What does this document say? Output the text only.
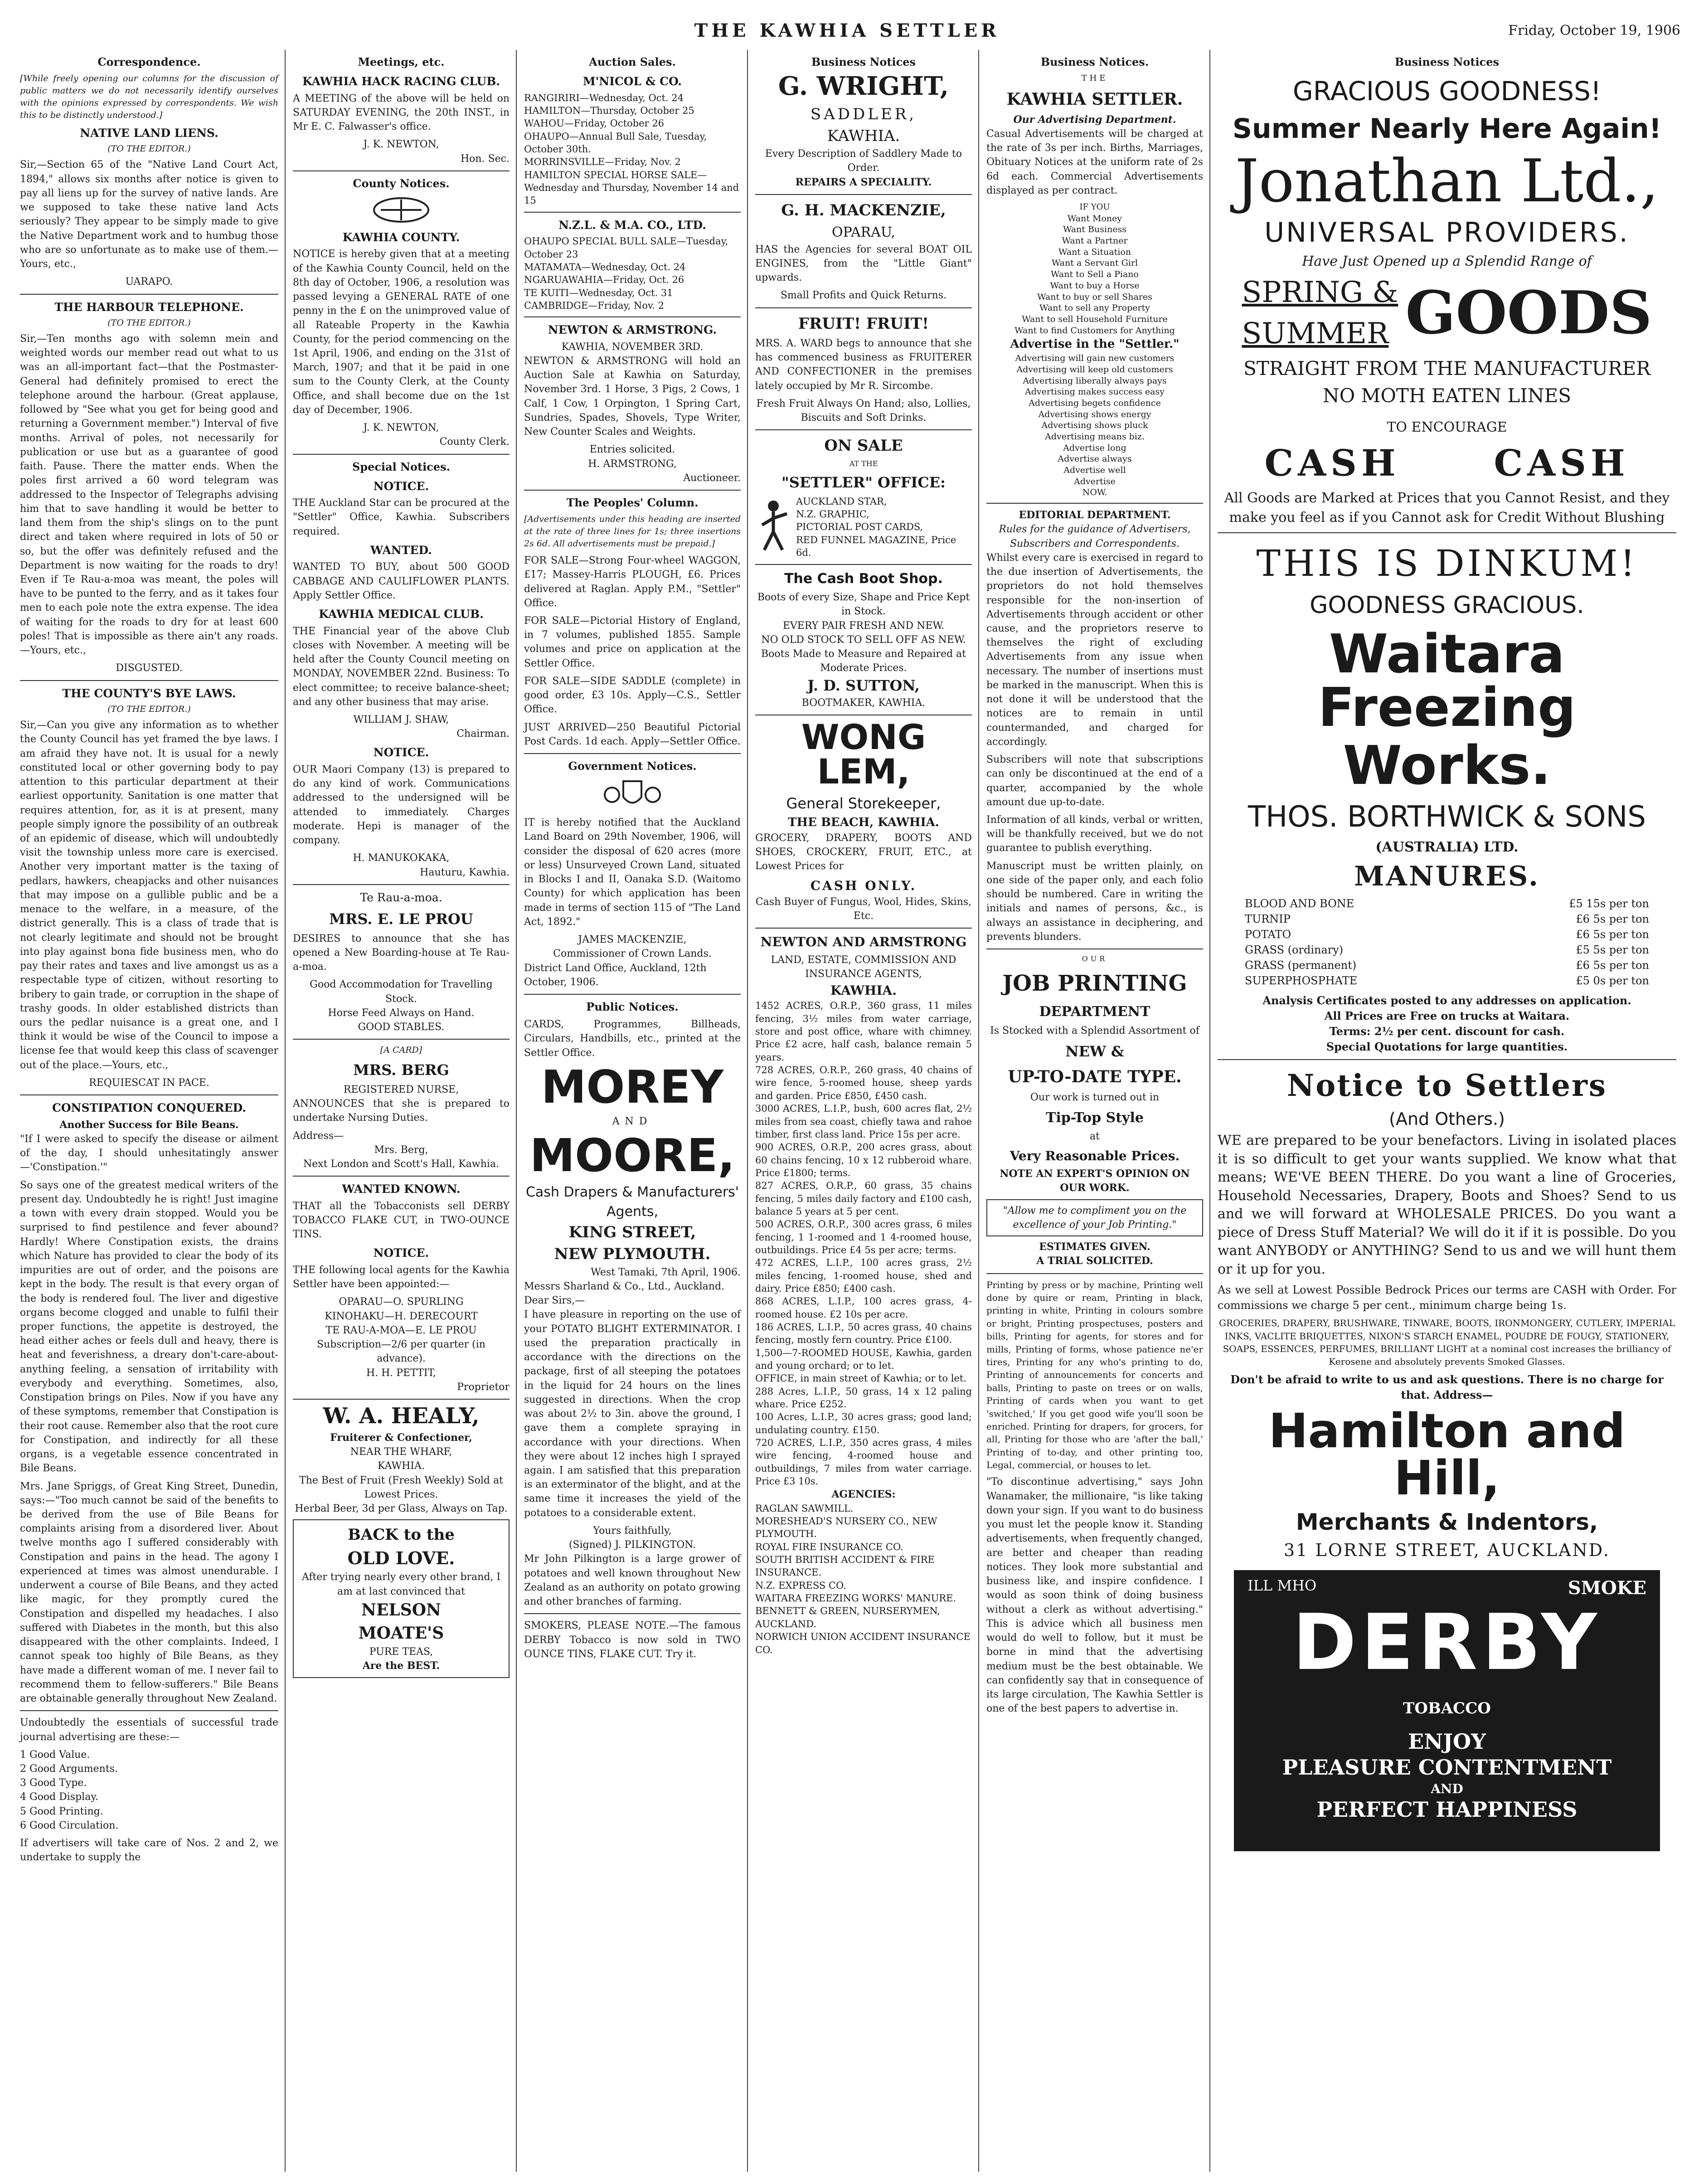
THE KAWHIA SETTLER	Friday, October 19, 1906
Correspondence.

[While freely opening our columns for the discussion of public matters we do not necessarily identify ourselves with the opinions expressed by correspondents. We wish this to be distinctly understood.]

NATIVE LAND LIENS.
(TO THE EDITOR.)

Sir,—Section 65 of the "Native Land Court Act, 1894," allows six months after notice is given to pay all liens up for the survey of native lands. Are we supposed to take these native land Acts seriously? They appear to be simply made to give the Native Department work and to humbug those who are so unfortunate as to make use of them.—Yours, etc.,

UARAPO.
THE HARBOUR TELEPHONE.
(TO THE EDITOR.)

Sir,—Ten months ago with solemn mein and weighted words our member read out what to us was an all-important fact—that the Postmaster-General had definitely promised to erect the telephone around the harbour. (Great applause, followed by "See what you get for being good and returning a Government member.") Interval of five months. Arrival of poles, not necessarily for publication or use but as a guarantee of good faith. Pause. There the matter ends. When the poles first arrived a 60 word telegram was addressed to the Inspector of Telegraphs advising him that to save handling it would be better to land them from the ship's slings on to the punt direct and taken where required in lots of 50 or so, but the offer was definitely refused and the Department is now waiting for the roads to dry! Even if Te Rau-a-moa was meant, the poles will have to be punted to the ferry, and as it takes four men to each pole note the extra expense. The idea of waiting for the roads to dry for at least 600 poles! That is impossible as there ain't any roads.—Yours, etc.,

DISGUSTED.
THE COUNTY'S BYE LAWS.
(TO THE EDITOR.)

Sir,—Can you give any information as to whether the County Council has yet framed the bye laws. I am afraid they have not. It is usual for a newly constituted local or other governing body to pay attention to this particular department at their earliest opportunity. Sanitation is one matter that requires attention, for, as it is at present, many people simply ignore the possibility of an outbreak of an epidemic of disease, which will undoubtedly visit the township unless more care is exercised. Another very important matter is the taxing of pedlars, hawkers, cheapjacks and other nuisances that may impose on a gullible public and be a menace to the welfare, in a measure, of the district generally. This is a class of trade that is not clearly legitimate and should not be brought into play against bona fide business men, who do pay their rates and taxes and live amongst us as a respectable type of citizen, without resorting to bribery to gain trade, or corruption in the shape of trashy goods. In older established districts than ours the pedlar nuisance is a great one, and I think it would be wise of the Council to impose a license fee that would keep this class of scavenger out of the place.—Yours, etc.,

REQUIESCAT IN PACE.
CONSTIPATION CONQUERED.
Another Success for Bile Beans.

"If I were asked to specify the disease or ailment of the day, I should unhesitatingly answer—'Constipation.'"

So says one of the greatest medical writers of the present day. Undoubtedly he is right! Just imagine a town with every drain stopped. Would you be surprised to find pestilence and fever abound? Hardly! Where Constipation exists, the drains which Nature has provided to clear the body of its impurities are out of order, and the poisons are kept in the body. The result is that every organ of the body is rendered foul. The liver and digestive organs become clogged and unable to fulfil their proper functions, the appetite is destroyed, the head either aches or feels dull and heavy, there is heat and feverishness, a dreary don't-care-about-anything feeling, a sensation of irritability with everybody and everything. Sometimes, also, Constipation brings on Piles. Now if you have any of these symptoms, remember that Constipation is their root cause. Remember also that the root cure for Constipation, and indirectly for all these organs, is a vegetable essence concentrated in Bile Beans.

Mrs. Jane Spriggs, of Great King Street, Dunedin, says:—"Too much cannot be said of the benefits to be derived from the use of Bile Beans for complaints arising from a disordered liver. About twelve months ago I suffered considerably with Constipation and pains in the head. The agony I experienced at times was almost unendurable. I underwent a course of Bile Beans, and they acted like magic, for they promptly cured the Constipation and dispelled my headaches. I also suffered with Diabetes in the month, but this also disappeared with the other complaints. Indeed, I cannot speak too highly of Bile Beans, as they have made a different woman of me. I never fail to recommend them to fellow-sufferers." Bile Beans are obtainable generally throughout New Zealand.

Undoubtedly the essentials of successful trade journal advertising are these:—

1 Good Value.
2 Good Arguments.
3 Good Type.
4 Good Display.
5 Good Printing.
6 Good Circulation.

If advertisers will take care of Nos. 2 and 2, we undertake to supply the

Meetings, etc.
KAWHIA HACK RACING CLUB.

A MEETING of the above will be held on SATURDAY EVENING, the 20th INST., in Mr E. C. Falwasser's office.

J. K. NEWTON,
Hon. Sec.
County Notices.
KAWHIA COUNTY.

NOTICE is hereby given that at a meeting of the Kawhia County Council, held on the 8th day of October, 1906, a resolution was passed levying a GENERAL RATE of one penny in the £ on the unimproved value of all Rateable Property in the Kawhia County, for the period commencing on the 1st April, 1906, and ending on the 31st of March, 1907; and that it be paid in one sum to the County Clerk, at the County Office, and shall become due on the 1st day of December, 1906.

J. K. NEWTON,
County Clerk.
Special Notices.
NOTICE.

THE Auckland Star can be procured at the "Settler" Office, Kawhia. Subscribers required.

WANTED.

WANTED TO BUY, about 500 GOOD CABBAGE AND CAULIFLOWER PLANTS. Apply Settler Office.

KAWHIA MEDICAL CLUB.

THE Financial year of the above Club closes with November. A meeting will be held after the County Council meeting on MONDAY, NOVEMBER 22nd. Business: To elect committee; to receive balance-sheet; and any other business that may arise.

WILLIAM J. SHAW,
Chairman.
NOTICE.

OUR Maori Company (13) is prepared to do any kind of work. Communications addressed to the undersigned will be attended to immediately. Charges moderate. Hepi is manager of the company.

H. MANUKOKAKA,
Hauturu, Kawhia.
Te Rau-a-moa.
MRS. E. LE PROU

DESIRES to announce that she has opened a New Boarding-house at Te Rau-a-moa.

Good Accommodation for Travelling Stock.
Horse Feed Always on Hand.
GOOD STABLES.
[A CARD]
MRS. BERG
REGISTERED NURSE,

ANNOUNCES that she is prepared to undertake Nursing Duties.

Address—
Mrs. Berg,
Next London and Scott's Hall, Kawhia.
WANTED KNOWN.

THAT all the Tobacconists sell DERBY TOBACCO FLAKE CUT, in TWO-OUNCE TINS.

NOTICE.

THE following local agents for the Kawhia Settler have been appointed:—

OPARAU—O. SPURLING
KINOHAKU—H. DERECOURT
TE RAU-A-MOA—E. LE PROU
Subscription—2/6 per quarter (in advance).
H. H. PETTIT,
Proprietor
W. A. HEALY,
Fruiterer & Confectioner,
NEAR THE WHARF,
KAWHIA.
The Best of Fruit (Fresh Weekly) Sold at Lowest Prices.
Herbal Beer, 3d per Glass, Always on Tap.
BACK to the
OLD LOVE.
After trying nearly every other brand, I am at last convinced that
NELSON
MOATE'S
PURE TEAS,
Are the BEST.
Auction Sales.
M'NICOL & CO.
RANGIRIRI—Wednesday, Oct. 24
HAMILTON—Thursday, October 25
WAHOU—Friday, October 26
OHAUPO—Annual Bull Sale, Tuesday, October 30th.
MORRINSVILLE—Friday, Nov. 2
HAMILTON SPECIAL HORSE SALE—Wednesday and Thursday, November 14 and 15
N.Z.L. & M.A. CO., LTD.
OHAUPO SPECIAL BULL SALE—Tuesday, October 23
MATAMATA—Wednesday, Oct. 24
NGARUAWAHIA—Friday, Oct. 26
TE KUITI—Wednesday, Oct. 31
CAMBRIDGE—Friday, Nov. 2
NEWTON & ARMSTRONG.
KAWHIA, NOVEMBER 3RD.

NEWTON & ARMSTRONG will hold an Auction Sale at Kawhia on Saturday, November 3rd. 1 Horse, 3 Pigs, 2 Cows, 1 Calf, 1 Cow, 1 Orpington, 1 Spring Cart, Sundries, Spades, Shovels, Type Writer, New Counter Scales and Weights.

Entries solicited.
H. ARMSTRONG,
Auctioneer.
The Peoples' Column.

[Advertisements under this heading are inserted at the rate of three lines for 1s; three insertions 2s 6d. All advertisements must be prepaid.]

FOR SALE—Strong Four-wheel WAGGON, £17; Massey-Harris PLOUGH, £6. Prices delivered at Raglan. Apply P.M., "Settler" Office.

FOR SALE—Pictorial History of England, in 7 volumes, published 1855. Sample volumes and price on application at the Settler Office.

FOR SALE—SIDE SADDLE (complete) in good order, £3 10s. Apply—C.S., Settler Office.

JUST ARRIVED—250 Beautiful Pictorial Post Cards. 1d each. Apply—Settler Office.

Government Notices.

IT is hereby notified that the Auckland Land Board on 29th November, 1906, will consider the disposal of 620 acres (more or less) Unsurveyed Crown Land, situated in Blocks I and II, Oanaka S.D. (Waitomo County) for which application has been made in terms of section 115 of "The Land Act, 1892."

JAMES MACKENZIE,
Commissioner of Crown Lands.
District Land Office, Auckland, 12th October, 1906.
Public Notices.

CARDS, Programmes, Billheads, Circulars, Handbills, etc., printed at the Settler Office.

MOREY
AND
MOORE,
Cash Drapers & Manufacturers' Agents,
KING STREET,
NEW PLYMOUTH.
West Tamaki, 7th April, 1906.
Messrs Sharland & Co., Ltd., Auckland.
Dear Sirs,—

I have pleasure in reporting on the use of your POTATO BLIGHT EXTERMINATOR. I used the preparation practically in accordance with the directions on the package, first of all steeping the potatoes in the liquid for 24 hours on the lines suggested in directions. When the crop was about 2½ to 3in. above the ground, I gave them a complete spraying in accordance with your directions. When they were about 12 inches high I sprayed again. I am satisfied that this preparation is an exterminator of the blight, and at the same time it increases the yield of the potatoes to a considerable extent.

Yours faithfully,
(Signed) J. PILKINGTON.

Mr John Pilkington is a large grower of potatoes and well known throughout New Zealand as an authority on potato growing and other branches of farming.

SMOKERS, PLEASE NOTE.—The famous DERBY Tobacco is now sold in TWO OUNCE TINS, FLAKE CUT. Try it.

Business Notices
G. WRIGHT,
SADDLER,
KAWHIA.
Every Description of Saddlery Made to Order.
REPAIRS A SPECIALITY.
G. H. MACKENZIE,
OPARAU,

HAS the Agencies for several BOAT OIL ENGINES, from the "Little Giant" upwards.

Small Profits and Quick Returns.
FRUIT! FRUIT!

MRS. A. WARD begs to announce that she has commenced business as FRUITERER AND CONFECTIONER in the premises lately occupied by Mr R. Sircombe.

Fresh Fruit Always On Hand; also, Lollies, Biscuits and Soft Drinks.
ON SALE
AT THE
"SETTLER" OFFICE:
AUCKLAND STAR,
N.Z. GRAPHIC,
PICTORIAL POST CARDS,
RED FUNNEL MAGAZINE, Price 6d.
The Cash Boot Shop.
Boots of every Size, Shape and Price Kept in Stock.
EVERY PAIR FRESH AND NEW.
NO OLD STOCK TO SELL OFF AS NEW.
Boots Made to Measure and Repaired at Moderate Prices.
J. D. SUTTON,
BOOTMAKER, KAWHIA.
WONG LEM,
General Storekeeper,
THE BEACH, KAWHIA.

GROCERY, DRAPERY, BOOTS AND SHOES, CROCKERY, FRUIT, ETC., at Lowest Prices for

CASH ONLY.
Cash Buyer of Fungus, Wool, Hides, Skins, Etc.
NEWTON AND ARMSTRONG
LAND, ESTATE, COMMISSION AND INSURANCE AGENTS,
KAWHIA.

1452 ACRES, O.R.P., 360 grass, 11 miles fencing, 3½ miles from water carriage, store and post office, whare with chimney. Price £2 acre, half cash, balance remain 5 years.

728 ACRES, O.R.P., 260 grass, 40 chains of wire fence, 5-roomed house, sheep yards and garden. Price £850, £450 cash.

3000 ACRES, L.I.P., bush, 600 acres flat, 2½ miles from sea coast, chiefly tawa and rahoe timber, first class land. Price 15s per acre.

900 ACRES, O.R.P., 200 acres grass, about 60 chains fencing, 10 x 12 rubberoid whare. Price £1800; terms.

827 ACRES, O.R.P., 60 grass, 35 chains fencing, 5 miles daily factory and £100 cash, balance 5 years at 5 per cent.

500 ACRES, O.R.P., 300 acres grass, 6 miles fencing, 1 1-roomed and 1 4-roomed house, outbuildings. Price £4 5s per acre; terms.

472 ACRES, L.I.P., 100 acres grass, 2½ miles fencing, 1-roomed house, shed and dairy. Price £850; £400 cash.

868 ACRES, L.I.P., 100 acres grass, 4-roomed house. £2 10s per acre.

186 ACRES, L.I.P., 50 acres grass, 40 chains fencing, mostly fern country. Price £100.

1,500—7-ROOMED HOUSE, Kawhia, garden and young orchard; or to let.

OFFICE, in main street of Kawhia; or to let.

288 Acres, L.I.P., 50 grass, 14 x 12 paling whare. Price £252.

100 Acres, L.I.P., 30 acres grass; good land; undulating country. £150.

720 ACRES, L.I.P., 350 acres grass, 4 miles wire fencing, 4-roomed house and outbuildings, 7 miles from water carriage. Price £3 10s.

AGENCIES:
RAGLAN SAWMILL.
MORESHEAD'S NURSERY CO., NEW PLYMOUTH.
ROYAL FIRE INSURANCE CO.
SOUTH BRITISH ACCIDENT & FIRE INSURANCE.
N.Z. EXPRESS CO.
WAITARA FREEZING WORKS' MANURE.
BENNETT & GREEN, NURSERYMEN, AUCKLAND.
NORWICH UNION ACCIDENT INSURANCE CO.
Business Notices.
THE
KAWHIA SETTLER.
Our Advertising Department.

Casual Advertisements will be charged at the rate of 3s per inch. Births, Marriages, Obituary Notices at the uniform rate of 2s 6d each. Commercial Advertisements displayed as per contract.

IF YOU
Want Money
Want Business
Want a Partner
Want a Situation
Want a Servant Girl
Want to Sell a Piano
Want to buy a Horse
Want to buy or sell Shares
Want to sell any Property
Want to sell Household Furniture
Want to find Customers for Anything
Advertise in the "Settler."
Advertising will gain new customers
Advertising will keep old customers
Advertising liberally always pays
Advertising makes success easy
Advertising begets confidence
Advertising shows energy
Advertising shows pluck
Advertising means biz.
Advertise long
Advertise always
Advertise well
Advertise
NOW.
EDITORIAL DEPARTMENT.
Rules for the guidance of Advertisers, Subscribers and Correspondents.

Whilst every care is exercised in regard to the due insertion of Advertisements, the proprietors do not hold themselves responsible for the non-insertion of Advertisements through accident or other cause, and the proprietors reserve to themselves the right of excluding Advertisements from any issue when necessary. The number of insertions must be marked in the manuscript. When this is not done it will be understood that the notices are to remain in until countermanded, and charged for accordingly.

Subscribers will note that subscriptions can only be discontinued at the end of a quarter, accompanied by the whole amount due up-to-date.

Information of all kinds, verbal or written, will be thankfully received, but we do not guarantee to publish everything.

Manuscript must be written plainly, on one side of the paper only, and each folio should be numbered. Care in writing the initials and names of persons, &c., is always an assistance in deciphering, and prevents blunders.

OUR
JOB PRINTING
DEPARTMENT
Is Stocked with a Splendid Assortment of
NEW &
UP-TO-DATE TYPE.
Our work is turned out in
Tip-Top Style
at
Very Reasonable Prices.
NOTE AN EXPERT'S OPINION ON OUR WORK.
"Allow me to compliment you on the excellence of your Job Printing."
ESTIMATES GIVEN.
A TRIAL SOLICITED.

Printing by press or by machine, Printing well done by quire or ream, Printing in black, printing in white, Printing in colours sombre or bright, Printing prospectuses, posters and bills, Printing for agents, for stores and for mills, Printing of forms, whose patience ne'er tires, Printing for any who's printing to do, Printing of announcements for concerts and balls, Printing to paste on trees or on walls, Printing of cards when you want to get 'switched,' If you get good wife you'll soon be enriched. Printing for drapers, for grocers, for all, Printing for those who are 'after the ball,' Printing of to-day, and other printing too, Legal, commercial, or houses to let.

"To discontinue advertising," says John Wanamaker, the millionaire, "is like taking down your sign. If you want to do business you must let the people know it. Standing advertisements, when frequently changed, are better and cheaper than reading notices. They look more substantial and business like, and inspire confidence. I would as soon think of doing business without a clerk as without advertising." This is advice which all business men would do well to follow, but it must be borne in mind that the advertising medium must be the best obtainable. We can confidently say that in consequence of its large circulation, The Kawhia Settler is one of the best papers to advertise in.

Business Notices
GRACIOUS GOODNESS!
Summer Nearly Here Again!
Jonathan Ltd.,
UNIVERSAL PROVIDERS.
Have Just Opened up a Splendid Range of
SPRING &
SUMMER GOODS
STRAIGHT FROM THE MANUFACTURER
NO MOTH EATEN LINES
TO ENCOURAGE
CASH	CASH
All Goods are Marked at Prices that you Cannot Resist, and they make you feel as if you Cannot ask for Credit Without Blushing
THIS IS DINKUM!
GOODNESS GRACIOUS.
Waitara Freezing
Works.
THOS. BORTHWICK & SONS
(AUSTRALIA) LTD.
MANURES.
BLOOD AND BONE	£5 15s per ton
TURNIP	£6 5s per ton
POTATO	£6 5s per ton
GRASS (ordinary)	£5 5s per ton
GRASS (permanent)	£6 5s per ton
SUPERPHOSPHATE	£5 0s per ton
Analysis Certificates posted to any addresses on application.
All Prices are Free on trucks at Waitara.
Terms: 2½ per cent. discount for cash.
Special Quotations for large quantities.
Notice to Settlers
(And Others.)

WE are prepared to be your benefactors. Living in isolated places it is so difficult to get your wants supplied. We know what that means; WE'VE BEEN THERE. Do you want a line of Groceries, Household Necessaries, Drapery, Boots and Shoes? Send to us and we will forward at WHOLESALE PRICES. Do you want a piece of Dress Stuff Material? We will do it if it is possible. Do you want ANYBODY or ANYTHING? Send to us and we will hunt them or it up for you.

As we sell at Lowest Possible Bedrock Prices our terms are CASH with Order. For commissions we charge 5 per cent., minimum charge being 1s.

GROCERIES, DRAPERY, BRUSHWARE, TINWARE, BOOTS, IRONMONGERY, CUTLERY, IMPERIAL INKS, VACLITE BRIQUETTES, NIXON'S STARCH ENAMEL, POUDRE DE FOUGY, STATIONERY, SOAPS, ESSENCES, PERFUMES, BRILLIANT LIGHT at a nominal cost increases the brilliancy of Kerosene and absolutely prevents Smoked Glasses.

Don't be afraid to write to us and ask questions. There is no charge for that. Address—
Hamilton and Hill,
Merchants & Indentors,
31 LORNE STREET, AUCKLAND.
ILL MHO	SMOKE
DERBY
TOBACCO
ENJOY
PLEASURE CONTENTMENT
AND
PERFECT HAPPINESS
